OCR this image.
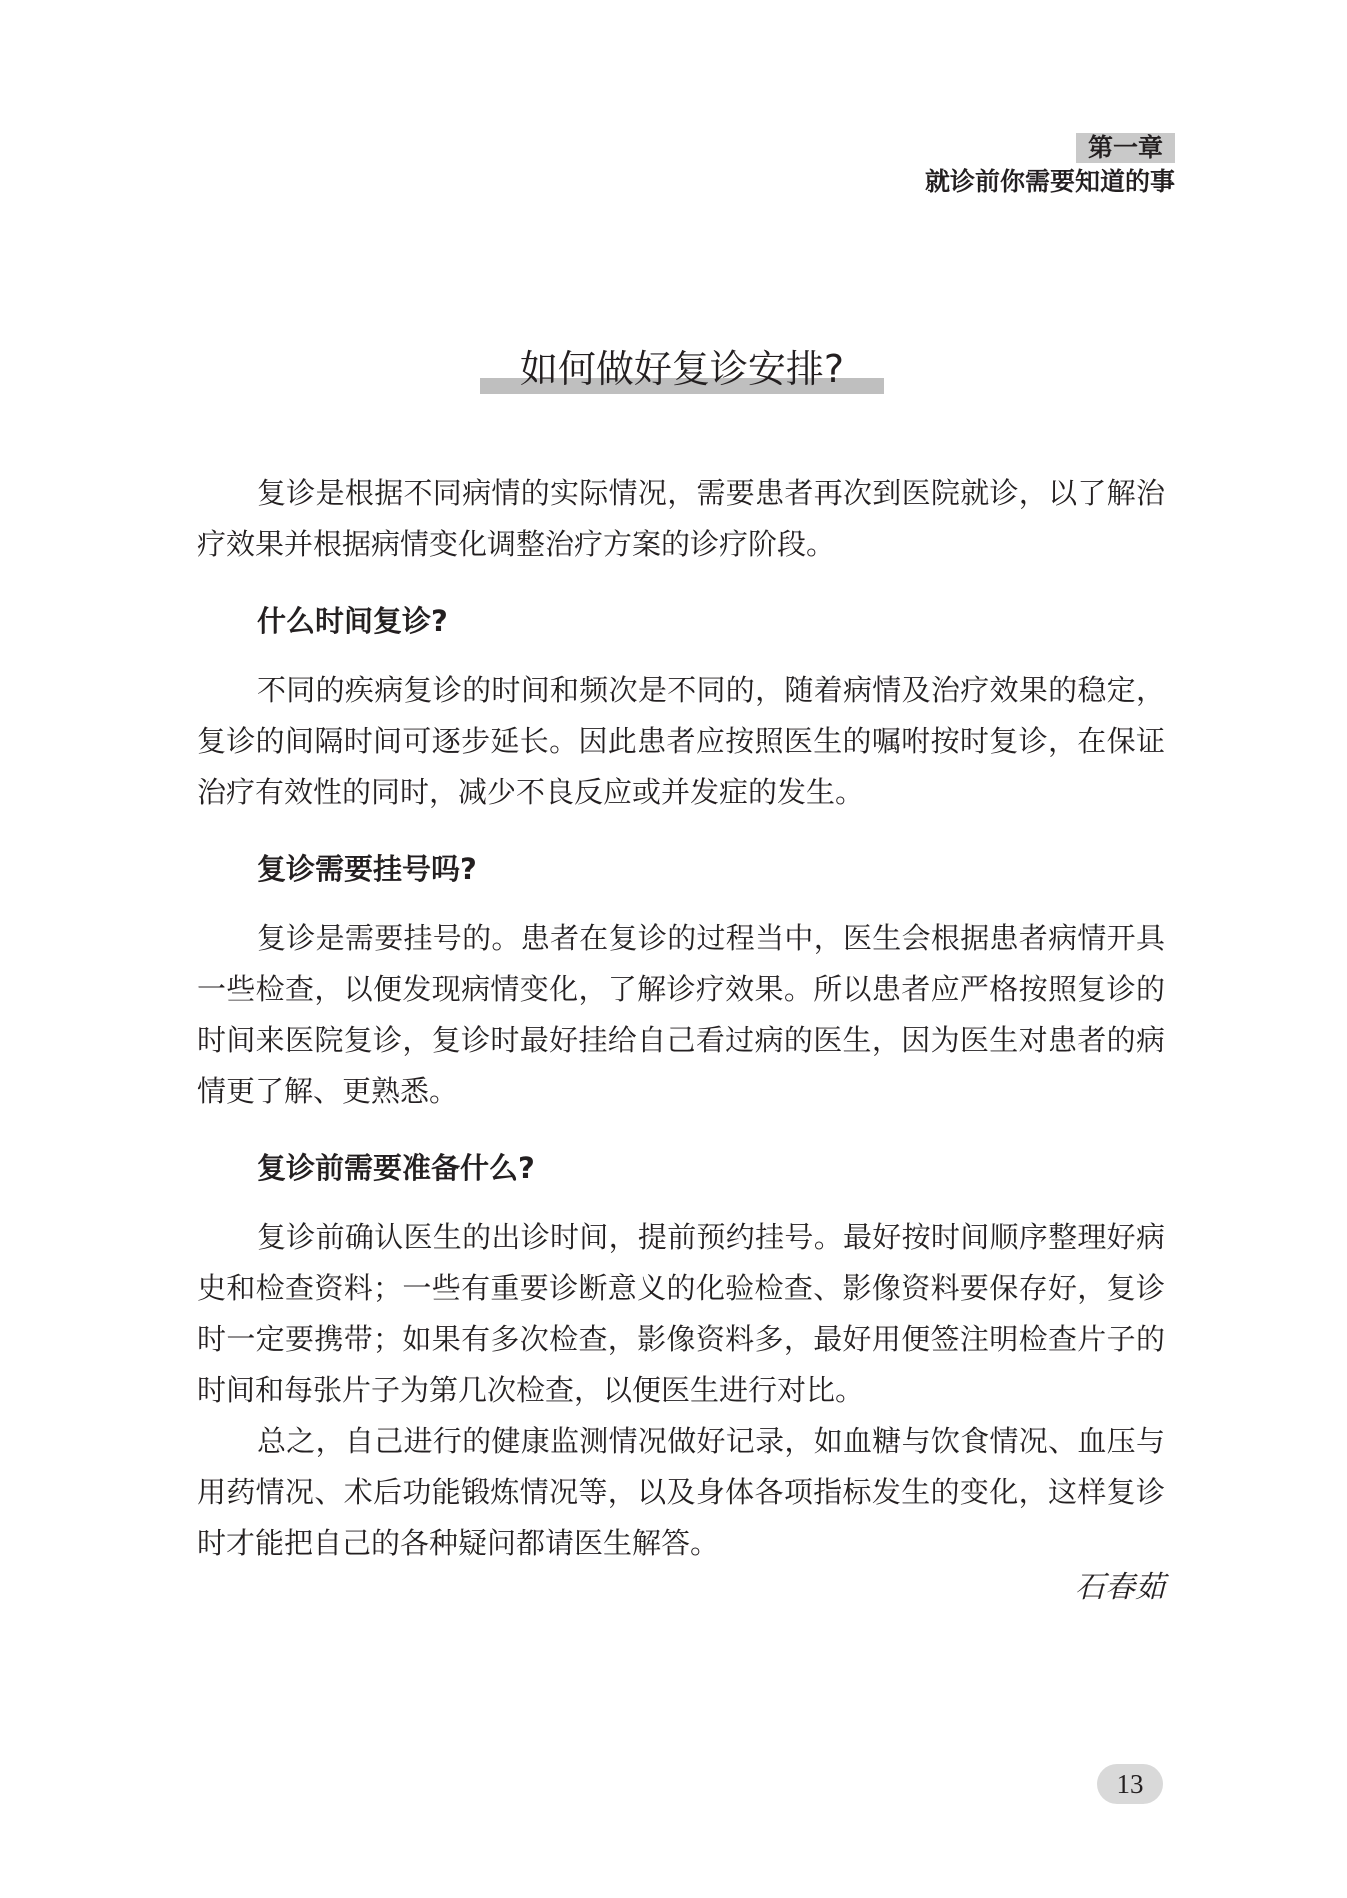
第一章
就诊前你需要知道的事
如何做好复诊安排?

复诊是根据不同病情的实际情况，需要患者再次到医院就诊，以了解治疗效果并根据病情变化调整治疗方案的诊疗阶段。

什么时间复诊?

不同的疾病复诊的时间和频次是不同的，随着病情及治疗效果的稳定，复诊的间隔时间可逐步延长。因此患者应按照医生的嘱咐按时复诊，在保证治疗有效性的同时，减少不良反应或并发症的发生。

复诊需要挂号吗?

复诊是需要挂号的。患者在复诊的过程当中，医生会根据患者病情开具一些检查，以便发现病情变化，了解诊疗效果。所以患者应严格按照复诊的时间来医院复诊，复诊时最好挂给自己看过病的医生，因为医生对患者的病情更了解、更熟悉。

复诊前需要准备什么?

复诊前确认医生的出诊时间，提前预约挂号。最好按时间顺序整理好病史和检查资料；一些有重要诊断意义的化验检查、影像资料要保存好，复诊时一定要携带；如果有多次检查，影像资料多，最好用便签注明检查片子的时间和每张片子为第几次检查，以便医生进行对比。

总之，自己进行的健康监测情况做好记录，如血糖与饮食情况、血压与用药情况、术后功能锻炼情况等，以及身体各项指标发生的变化，这样复诊时才能把自己的各种疑问都请医生解答。

石春茹
13
